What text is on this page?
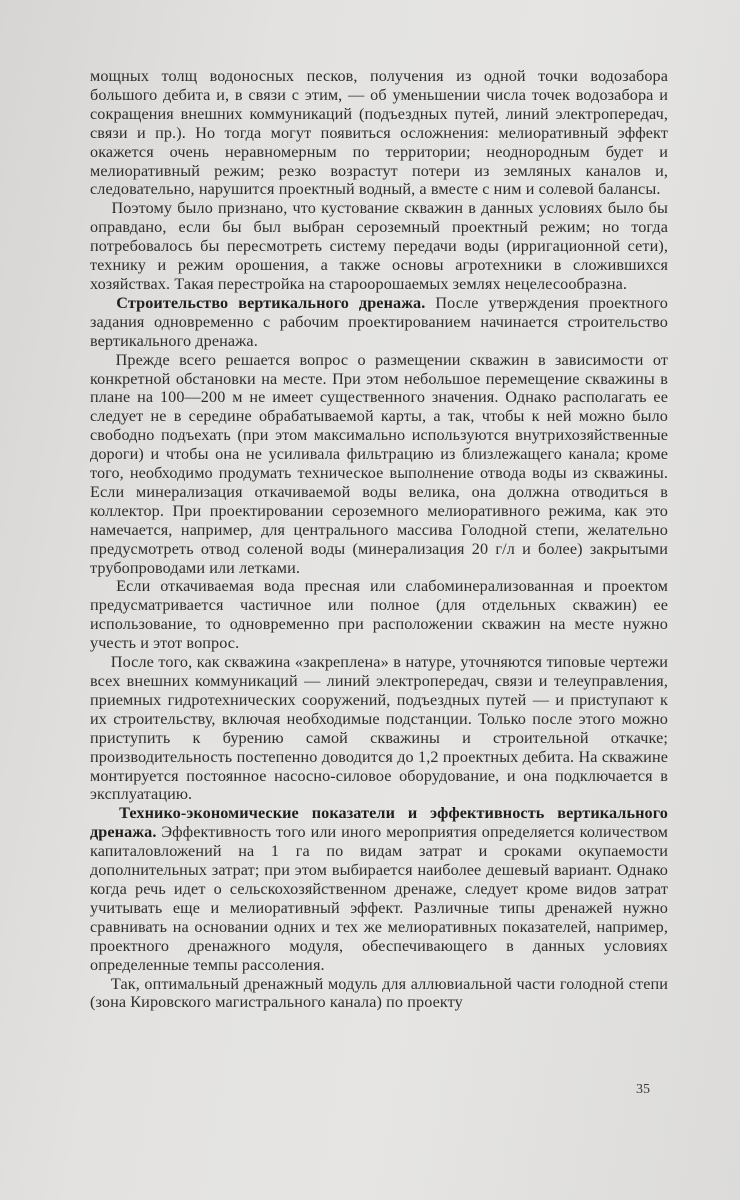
мощных толщ водоносных песков, получения из одной точки водозабора большого дебита и, в связи с этим, — об уменьшении числа точек водозабора и сокращения внешних коммуникаций (подъездных путей, линий электропередач, связи и пр.). Но тогда могут появиться осложнения: мелиоративный эффект окажется очень неравномерным по территории; неоднородным будет и мелиоративный режим; резко возрастут потери из земляных каналов и, следовательно, нарушится проектный водный, а вместе с ним и солевой балансы.

  Поэтому было признано, что кустование скважин в данных условиях было бы оправдано, если бы был выбран сероземный проектный режим; но тогда потребовалось бы пересмотреть систему передачи воды (ирригационной сети), технику и режим орошения, а также основы агротехники в сложившихся хозяйствах. Такая перестройка на староорошаемых землях нецелесообразна.

  Строительство вертикального дренажа. После утверждения проектного задания одновременно с рабочим проектированием начинается строительство вертикального дренажа.

  Прежде всего решается вопрос о размещении скважин в зависимости от конкретной обстановки на месте. При этом небольшое перемещение скважины в плане на 100—200 м не имеет существенного значения. Однако располагать ее следует не в середине обрабатываемой карты, а так, чтобы к ней можно было свободно подъехать (при этом максимально используются внутрихозяйственные дороги) и чтобы она не усиливала фильтрацию из близлежащего канала; кроме того, необходимо продумать техническое выполнение отвода воды из скважины. Если минерализация откачиваемой воды велика, она должна отводиться в коллектор. При проектировании сероземного мелиоративного режима, как это намечается, например, для центрального массива Голодной степи, желательно предусмотреть отвод соленой воды (минерализация 20 г/л и более) закрытыми трубопроводами или летками.

  Если откачиваемая вода пресная или слабоминерализованная и проектом предусматривается частичное или полное (для отдельных скважин) ее использование, то одновременно при расположении скважин на месте нужно учесть и этот вопрос.

  После того, как скважина «закреплена» в натуре, уточняются типовые чертежи всех внешних коммуникаций — линий электропередач, связи и телеуправления, приемных гидротехнических сооружений, подъездных путей — и приступают к их строительству, включая необходимые подстанции. Только после этого можно приступить к бурению самой скважины и строительной откачке; производительность постепенно доводится до 1,2 проектных дебита. На скважине монтируется постоянное насосно-силовое оборудование, и она подключается в эксплуатацию.

  Технико-экономические показатели и эффективность вертикального дренажа. Эффективность того или иного мероприятия определяется количеством капиталовложений на 1 га по видам затрат и сроками окупаемости дополнительных затрат; при этом выбирается наиболее дешевый вариант. Однако когда речь идет о сельскохозяйственном дренаже, следует кроме видов затрат учитывать еще и мелиоративный эффект. Различные типы дренажей нужно сравнивать на основании одних и тех же мелиоративных показателей, например, проектного дренажного модуля, обеспечивающего в данных условиях определенные темпы рассоления.

  Так, оптимальный дренажный модуль для аллювиальной части голодной степи (зона Кировского магистрального канала) по проекту

35
